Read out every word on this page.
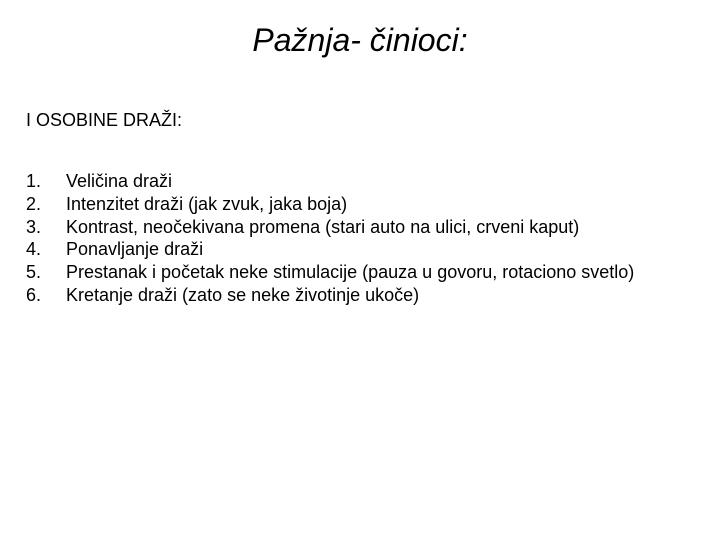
Pažnja- činioci:
I OSOBINE DRAŽI:
1.	Veličina draži
2.	Intenzitet draži (jak zvuk, jaka boja)
3.	Kontrast, neočekivana promena (stari auto na ulici, crveni kaput)
4.	Ponavljanje draži
5.	Prestanak i početak neke stimulacije (pauza u govoru, rotaciono svetlo)
6.	Kretanje draži (zato se neke životinje ukoče)
